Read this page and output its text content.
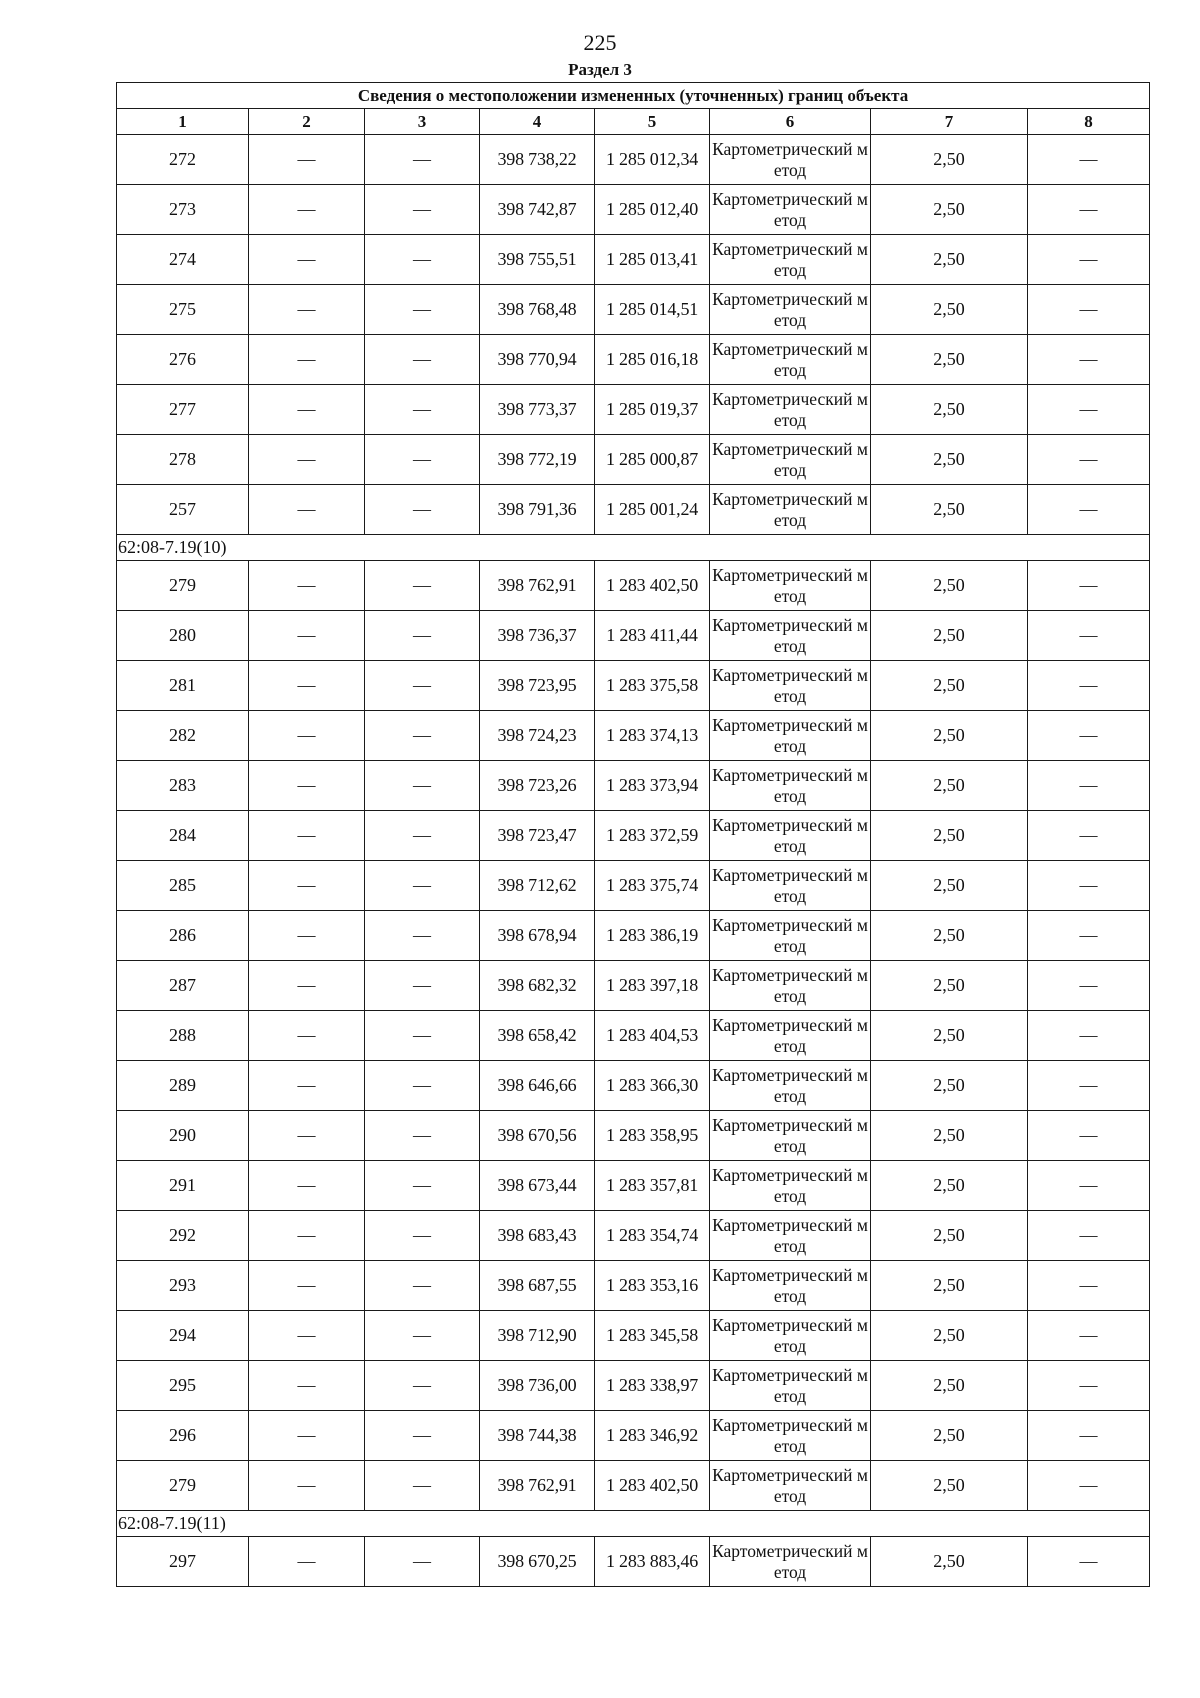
225
Раздел 3
Сведения о местоположении измененных (уточненных) границ объекта							
1	2	3	4	5	6	7	8
272	—	—	398 738,22	1 285 012,34	Картометрический метод	2,50	—
273	—	—	398 742,87	1 285 012,40	Картометрический метод	2,50	—
274	—	—	398 755,51	1 285 013,41	Картометрический метод	2,50	—
275	—	—	398 768,48	1 285 014,51	Картометрический метод	2,50	—
276	—	—	398 770,94	1 285 016,18	Картометрический метод	2,50	—
277	—	—	398 773,37	1 285 019,37	Картометрический метод	2,50	—
278	—	—	398 772,19	1 285 000,87	Картометрический метод	2,50	—
257	—	—	398 791,36	1 285 001,24	Картометрический метод	2,50	—
62:08-7.19(10)							
279	—	—	398 762,91	1 283 402,50	Картометрический метод	2,50	—
280	—	—	398 736,37	1 283 411,44	Картометрический метод	2,50	—
281	—	—	398 723,95	1 283 375,58	Картометрический метод	2,50	—
282	—	—	398 724,23	1 283 374,13	Картометрический метод	2,50	—
283	—	—	398 723,26	1 283 373,94	Картометрический метод	2,50	—
284	—	—	398 723,47	1 283 372,59	Картометрический метод	2,50	—
285	—	—	398 712,62	1 283 375,74	Картометрический метод	2,50	—
286	—	—	398 678,94	1 283 386,19	Картометрический метод	2,50	—
287	—	—	398 682,32	1 283 397,18	Картометрический метод	2,50	—
288	—	—	398 658,42	1 283 404,53	Картометрический метод	2,50	—
289	—	—	398 646,66	1 283 366,30	Картометрический метод	2,50	—
290	—	—	398 670,56	1 283 358,95	Картометрический метод	2,50	—
291	—	—	398 673,44	1 283 357,81	Картометрический метод	2,50	—
292	—	—	398 683,43	1 283 354,74	Картометрический метод	2,50	—
293	—	—	398 687,55	1 283 353,16	Картометрический метод	2,50	—
294	—	—	398 712,90	1 283 345,58	Картометрический метод	2,50	—
295	—	—	398 736,00	1 283 338,97	Картометрический метод	2,50	—
296	—	—	398 744,38	1 283 346,92	Картометрический метод	2,50	—
279	—	—	398 762,91	1 283 402,50	Картометрический метод	2,50	—
62:08-7.19(11)							
297	—	—	398 670,25	1 283 883,46	Картометрический метод	2,50	—
